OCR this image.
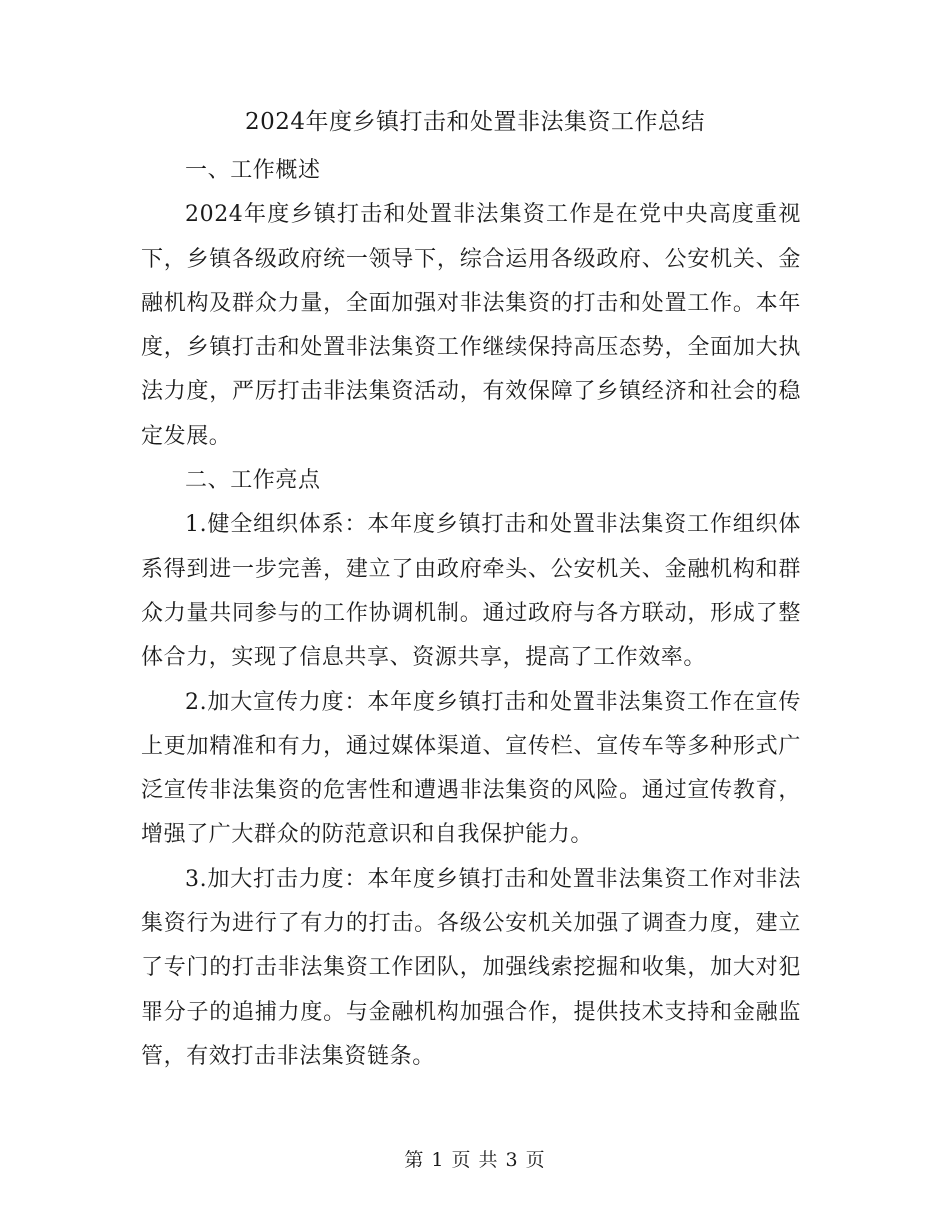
2024年度乡镇打击和处置非法集资工作总结

一、工作概述

2024年度乡镇打击和处置非法集资工作是在党中央高度重视下，乡镇各级政府统一领导下，综合运用各级政府、公安机关、金融机构及群众力量，全面加强对非法集资的打击和处置工作。本年度，乡镇打击和处置非法集资工作继续保持高压态势，全面加大执法力度，严厉打击非法集资活动，有效保障了乡镇经济和社会的稳定发展。

二、工作亮点

1.健全组织体系：本年度乡镇打击和处置非法集资工作组织体系得到进一步完善，建立了由政府牵头、公安机关、金融机构和群众力量共同参与的工作协调机制。通过政府与各方联动，形成了整体合力，实现了信息共享、资源共享，提高了工作效率。

2.加大宣传力度：本年度乡镇打击和处置非法集资工作在宣传上更加精准和有力，通过媒体渠道、宣传栏、宣传车等多种形式广泛宣传非法集资的危害性和遭遇非法集资的风险。通过宣传教育，增强了广大群众的防范意识和自我保护能力。

3.加大打击力度：本年度乡镇打击和处置非法集资工作对非法集资行为进行了有力的打击。各级公安机关加强了调查力度，建立了专门的打击非法集资工作团队，加强线索挖掘和收集，加大对犯罪分子的追捕力度。与金融机构加强合作，提供技术支持和金融监管，有效打击非法集资链条。

第 1 页 共 3 页
